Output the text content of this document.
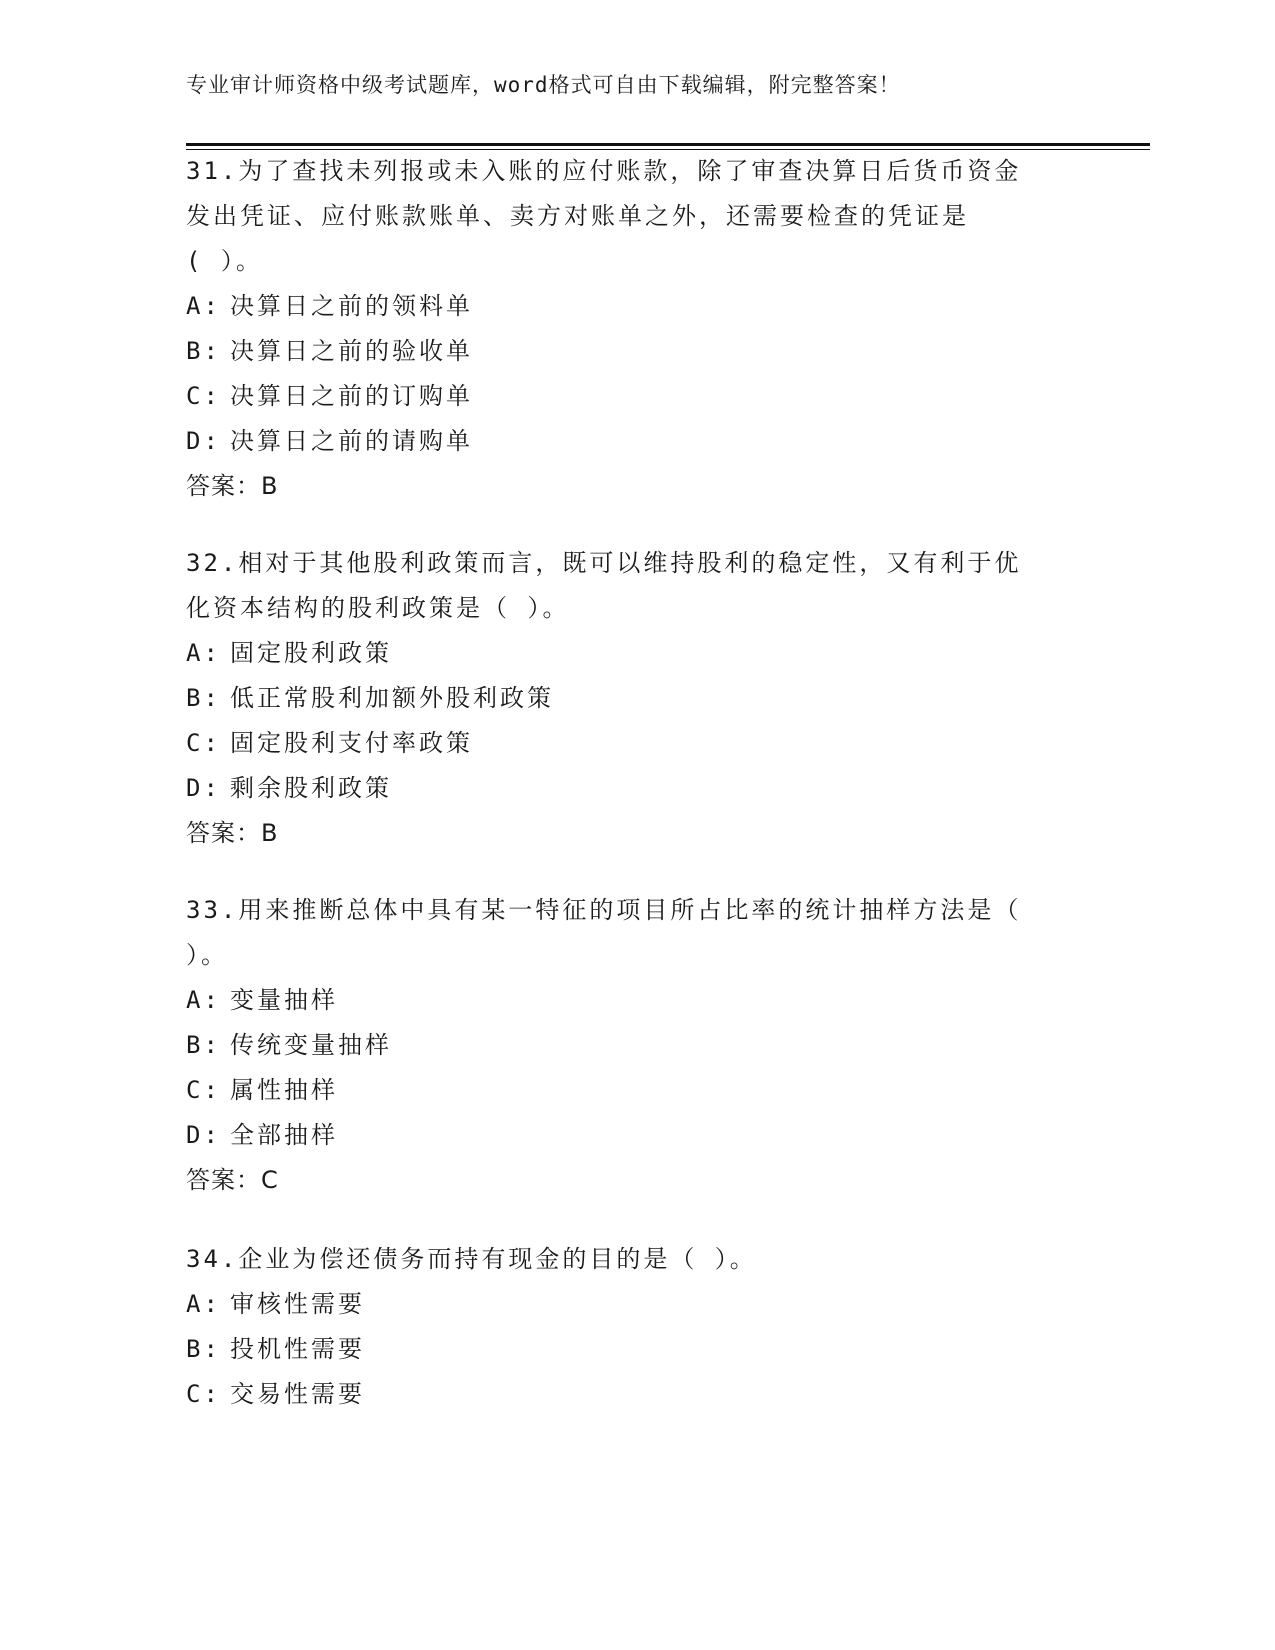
专业审计师资格中级考试题库，word格式可自由下载编辑，附完整答案！
31.为了查找未列报或未入账的应付账款，除了审查决算日后货币资金
发出凭证、应付账款账单、卖方对账单之外，还需要检查的凭证是
( ）。
A: 决算日之前的领料单
B: 决算日之前的验收单
C: 决算日之前的订购单
D: 决算日之前的请购单
答案：B
32.相对于其他股利政策而言，既可以维持股利的稳定性，又有利于优
化资本结构的股利政策是（ ）。
A: 固定股利政策
B: 低正常股利加额外股利政策
C: 固定股利支付率政策
D: 剩余股利政策
答案：B
33.用来推断总体中具有某一特征的项目所占比率的统计抽样方法是（
）。
A: 变量抽样
B: 传统变量抽样
C: 属性抽样
D: 全部抽样
答案：C
34.企业为偿还债务而持有现金的目的是（ ）。
A: 审核性需要
B: 投机性需要
C: 交易性需要
